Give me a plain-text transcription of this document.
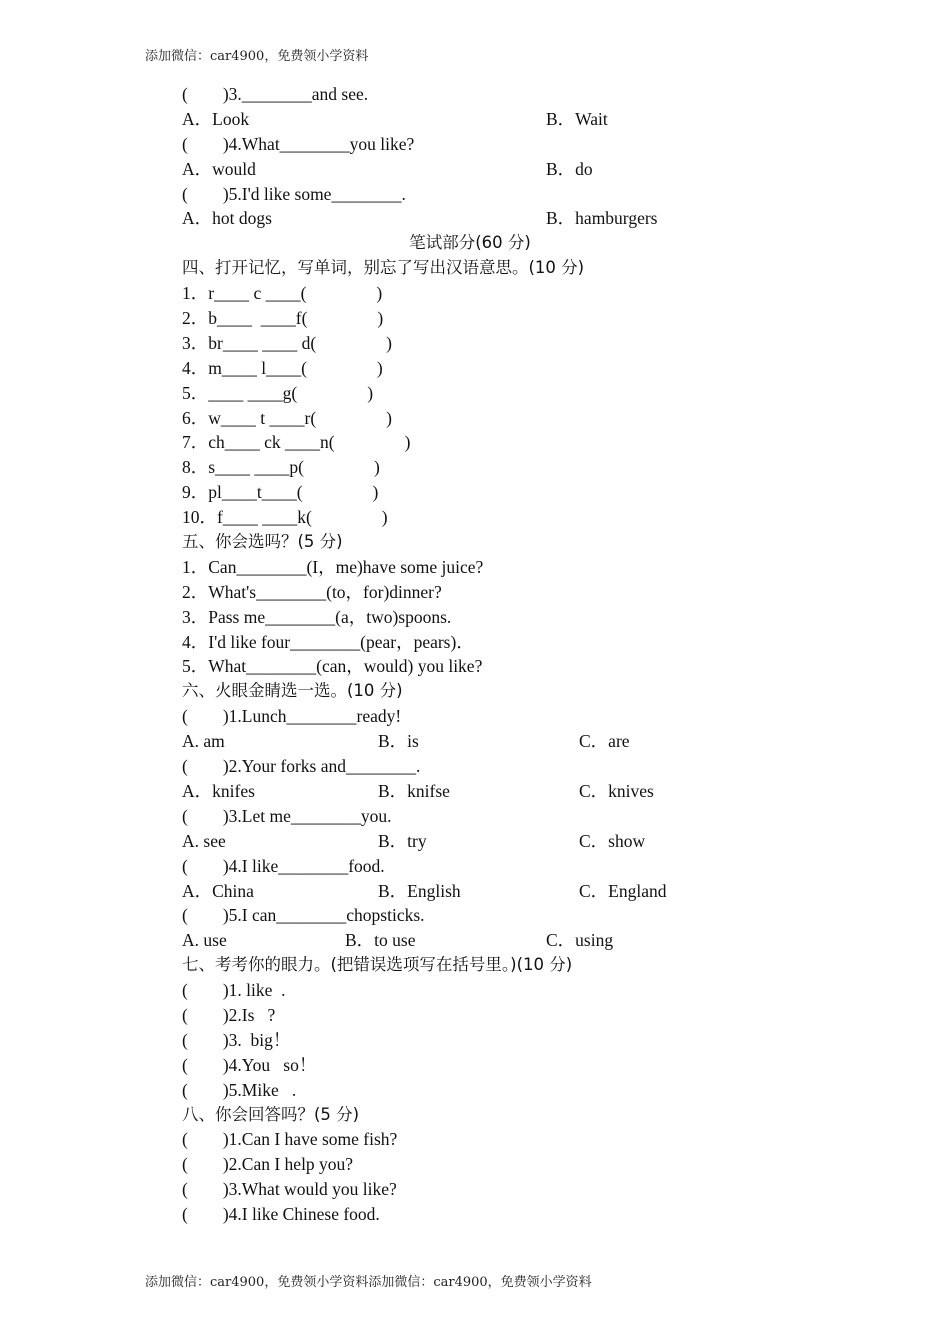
添加微信：car4900，免费领小学资料
(　　)3.________and see.
A．Look	B．Wait
(　　)4.What________you like?
A．would	B．do
(　　)5.I'd like some________.
A．hot dogs	B．hamburgers
笔试部分(60 分)
四、打开记忆，写单词，别忘了写出汉语意思。(10 分)
1．r____ c ____(　　　　)
2．b____  ____f(　　　　)
3．br____ ____ d(　　　　)
4．m____ l____(　　　　)
5．____ ____g(　　　　)
6．w____ t ____r(　　　　)
7．ch____ ck ____n(　　　　)
8．s____ ____p(　　　　)
9．pl____t____(　　　　)
10．f____ ____k(　　　　)
五、你会选吗？(5 分)
1．Can________(I，me)have some juice?
2．What's________(to，for)dinner?
3．Pass me________(a，two)spoons.
4．I'd like four________(pear，pears)．
5．What________(can，would) you like?
六、火眼金睛选一选。(10 分)
(　　)1.Lunch________ready!
A. am	B．is	C．are
(　　)2.Your forks and________.
A．knifes	B．knifse	C．knives
(　　)3.Let me________you.
A. see	B．try	C．show
(　　)4.I like________food.
A．China	B．English	C．England
(　　)5.I can________chopsticks.
A. use	B．to use	C．using
七、考考你的眼力。(把错误选项写在括号里。)(10 分)
(　　)1. like  .
(　　)2.Is   ?
(　　)3.  big！
(　　)4.You   so！
(　　)5.Mike   .
八、你会回答吗？(5 分)
(　　)1.Can I have some fish?
(　　)2.Can I help you?
(　　)3.What would you like?
(　　)4.I like Chinese food.
添加微信：car4900，免费领小学资料添加微信：car4900，免费领小学资料
